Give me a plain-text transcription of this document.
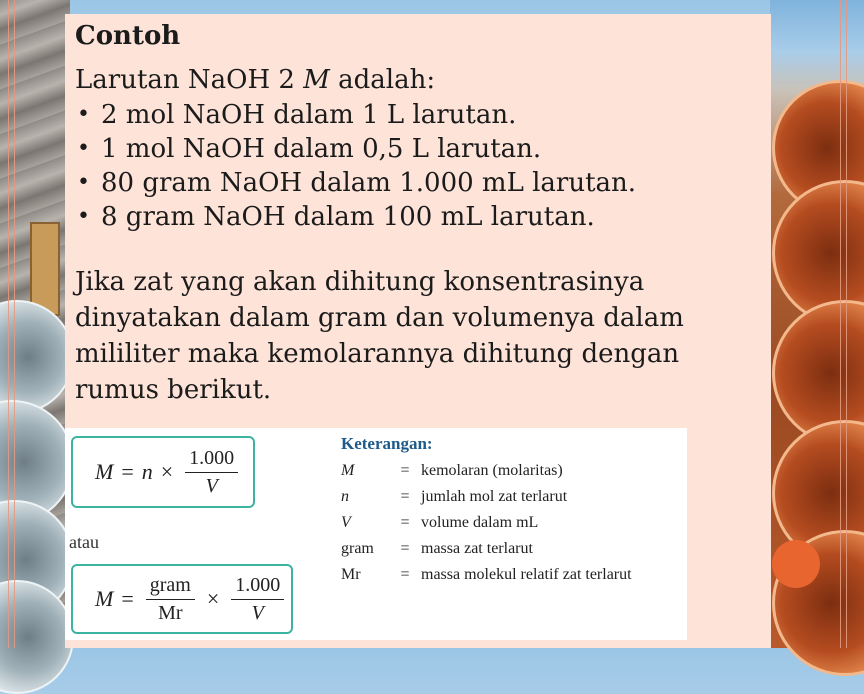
Contoh
Larutan NaOH 2 M adalah:
• 2 mol NaOH dalam 1 L larutan.
• 1 mol NaOH dalam 0,5 L larutan.
• 80 gram NaOH dalam 1.000 mL larutan.
• 8 gram NaOH dalam 100 mL larutan.
Jika zat yang akan dihitung konsentrasinya dinyatakan dalam gram dan volumenya dalam mililiter maka kemolarannya dihitung dengan rumus berikut.
$M = n \times \frac{1.000}{V}$
atau
$M = \frac{\text{gram}}{Mr} \times \frac{1.000}{V}$
Keterangan:
M	= kemolaran (molaritas)
n	= jumlah mol zat terlarut
V	= volume dalam mL
gram	= massa zat terlarut
Mr	= massa molekul relatif zat terlarut
